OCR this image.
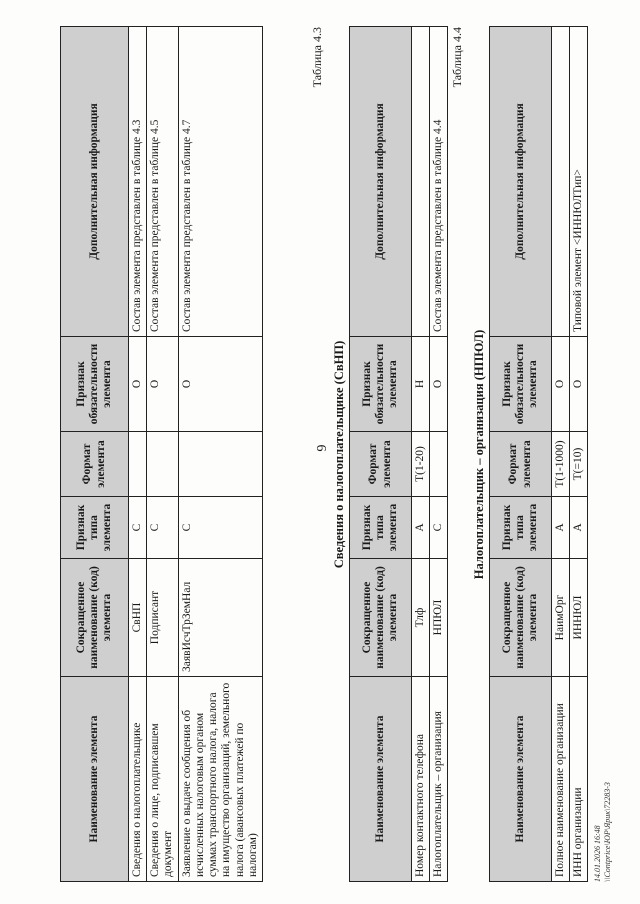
6
Наименование элемента	Сокращенное наименование (код) элемента	Признак типа элемента	Формат элемента	Признак обязательности элемента	Дополнительная информация
Сведения о налогоплательщике	СвНП	С		О	Состав элемента представлен в таблице 4.3
Сведения о лице, подписавшем документ	Подписант	С		О	Состав элемента представлен в таблице 4.5
Заявление о выдаче сообщения об исчисленных налоговым органом суммах транспортного налога, налога на имущество организаций, земельного налога (авансовых платежей по налогам)	ЗаявИсчТрЗемНал	С		О	Состав элемента представлен в таблице 4.7

Таблица 4.3

Сведения о налогоплательщике (СвНП)

Наименование элемента	Сокращенное наименование (код) элемента	Признак типа элемента	Формат элемента	Признак обязательности элемента	Дополнительная информация
Номер контактного телефона	Тлф	А	Т(1-20)	Н	
Налогоплательщик – организация	НПЮЛ	С		О	Состав элемента представлен в таблице 4.4

Таблица 4.4

Налогоплательщик – организация (НПЮЛ)

Наименование элемента	Сокращенное наименование (код) элемента	Признак типа элемента	Формат элемента	Признак обязательности элемента	Дополнительная информация
Полное наименование организации	НаимОрг	А	Т(1-1000)	О	
ИНН организации	ИННЮЛ	А	Т(=10)	О	Типовой элемент <ИННЮЛТип>
14.01.2026 16:48 \\Contprice\ЮР\Ярик\72283-3
